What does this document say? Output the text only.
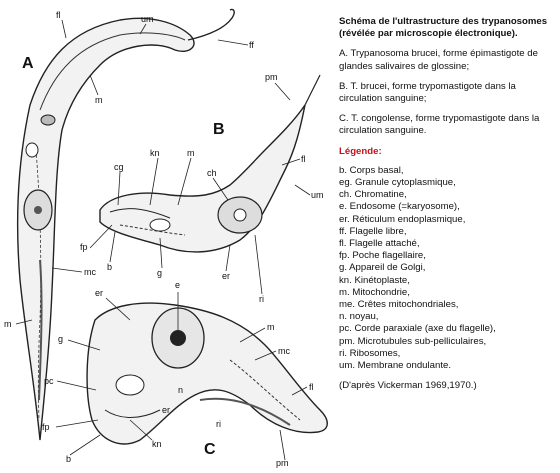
A
B
C
fl	um
ff
m
mc
m
pm
fl
um
kn	m
cg
ch
fp
b
g	er
ri
er
e
m
g
mc
n
pc
fp
b
kn
er
ri
fl
pm
Schéma de l'ultrastructure des trypanosomes (révélée par microscopie électronique).

A. Trypanosoma brucei, forme épimastigote de glandes salivaires de glossine;

B. T. brucei, forme trypomastigote dans la circulation sanguine;

C. T. congolense, forme trypomastigote dans la circulation sanguine.

Légende:
b. Corps basal,
eg. Granule cytoplasmique,
ch. Chromatine,
e. Endosome (=karyosome),
er. Réticulum endoplasmique,
ff. Flagelle libre,
fl. Flagelle attaché,
fp. Poche flagellaire,
g. Appareil de Golgi,
kn. Kinétoplaste,
m. Mitochondrie,
me. Crêtes mitochondriales,
n. noyau,
pc. Corde paraxiale (axe du flagelle),
pm. Microtubules sub-pelliculaires,
ri. Ribosomes,
um. Membrane ondulante.
(D'après Vickerman 1969,1970.)
